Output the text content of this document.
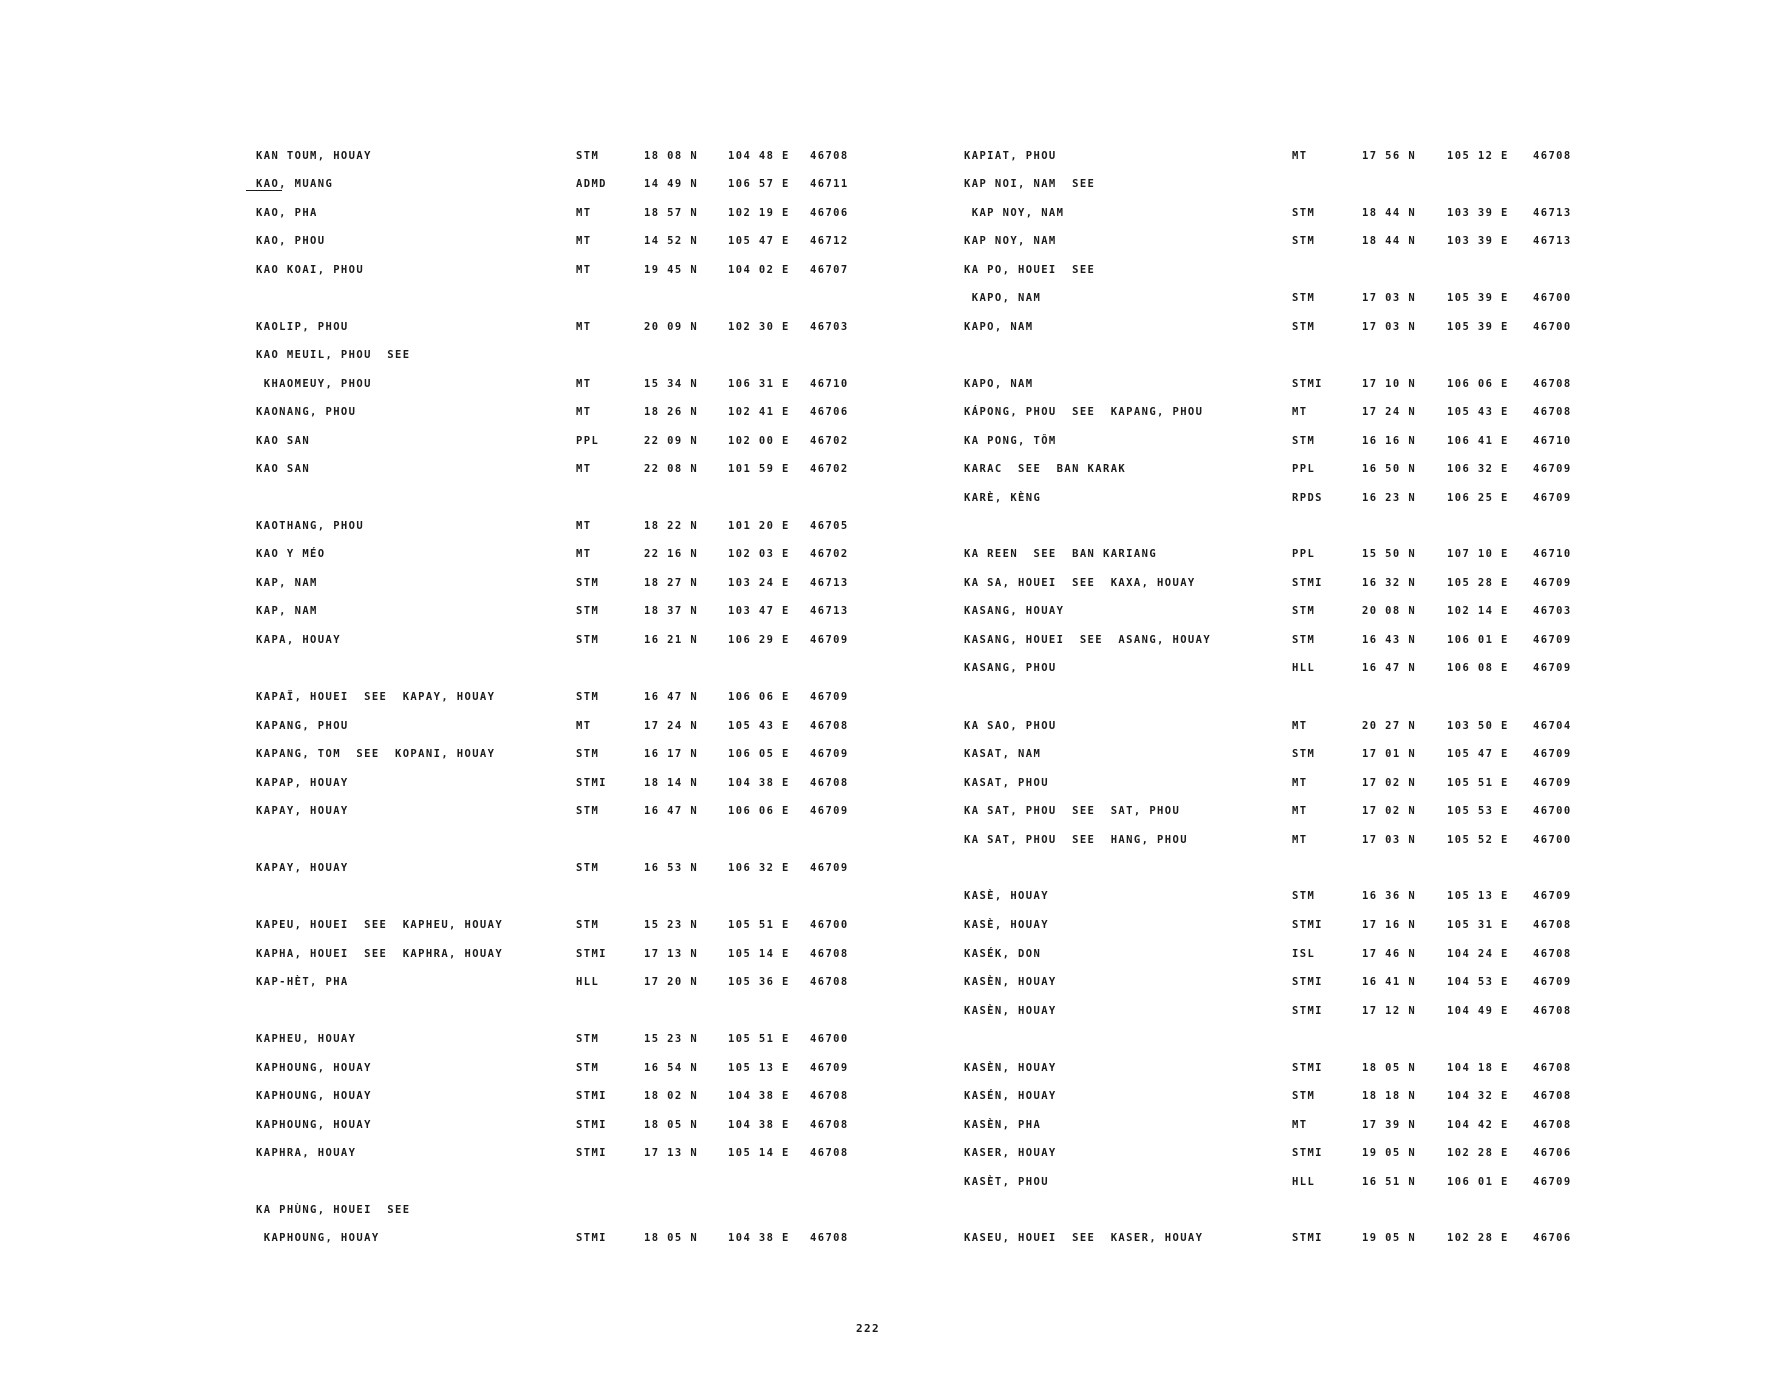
KAN TOUM, HOUAY	STM	18 08 N	104 48 E 46708
KAO, MUANG	ADMD	14 49 N	106 57 E 46711
KAO, PHA	MT	18 57 N	102 19 E 46706
KAO, PHOU	MT	14 52 N	105 47 E 46712
KAO KOAI, PHOU	MT	19 45 N	104 02 E 46707
KAOLIP, PHOU	MT	20 09 N	102 30 E 46703
KAO MEUIL, PHOU  SEE
KHAOMEUY, PHOU	MT	15 34 N	106 31 E 46710
KAONANG, PHOU	MT	18 26 N	102 41 E 46706
KAO SAN	PPL	22 09 N	102 00 E 46702
KAO SAN	MT	22 08 N	101 59 E 46702
KAOTHANG, PHOU	MT	18 22 N	101 20 E 46705
KAO Y MÉO	MT	22 16 N	102 03 E 46702
KAP, NAM	STM	18 27 N	103 24 E 46713
KAP, NAM	STM	18 37 N	103 47 E 46713
KAPA, HOUAY	STM	16 21 N	106 29 E 46709
KAPAÏ, HOUEI  SEE  KAPAY, HOUAY	STM	16 47 N	106 06 E 46709
KAPANG, PHOU	MT	17 24 N	105 43 E 46708
KAPANG, TOM  SEE  KOPANI, HOUAY	STM	16 17 N	106 05 E 46709
KAPAP, HOUAY	STMI	18 14 N	104 38 E 46708
KAPAY, HOUAY	STM	16 47 N	106 06 E 46709
KAPAY, HOUAY	STM	16 53 N	106 32 E 46709
KAPEU, HOUEI  SEE  KAPHEU, HOUAY	STM	15 23 N	105 51 E 46700
KAPHA, HOUEI  SEE  KAPHRA, HOUAY	STMI	17 13 N	105 14 E 46708
KAP-HÈT, PHA	HLL	17 20 N	105 36 E 46708
KAPHEU, HOUAY	STM	15 23 N	105 51 E 46700
KAPHOUNG, HOUAY	STM	16 54 N	105 13 E 46709
KAPHOUNG, HOUAY	STMI	18 02 N	104 38 E 46708
KAPHOUNG, HOUAY	STMI	18 05 N	104 38 E 46708
KAPHRA, HOUAY	STMI	17 13 N	105 14 E 46708
KA PHÙNG, HOUEI  SEE
KAPHOUNG, HOUAY	STMI	18 05 N	104 38 E 46708
KAPIAT, PHOU	MT	17 56 N	105 12 E 46708
KAP NOI, NAM  SEE
KAP NOY, NAM	STM	18 44 N	103 39 E 46713
KAP NOY, NAM	STM	18 44 N	103 39 E 46713
KA PO, HOUEI  SEE
KAPO, NAM	STM	17 03 N	105 39 E 46700
KAPO, NAM	STM	17 03 N	105 39 E 46700
KAPO, NAM	STMI	17 10 N	106 06 E 46708
KÁPONG, PHOU  SEE  KAPANG, PHOU	MT	17 24 N	105 43 E 46708
KA PONG, TÔM	STM	16 16 N	106 41 E 46710
KARAC  SEE  BAN KARAK	PPL	16 50 N	106 32 E 46709
KARÈ, KÈNG	RPDS	16 23 N	106 25 E 46709
KA REEN  SEE  BAN KARIANG	PPL	15 50 N	107 10 E 46710
KA SA, HOUEI  SEE  KAXA, HOUAY	STMI	16 32 N	105 28 E 46709
KASANG, HOUAY	STM	20 08 N	102 14 E 46703
KASANG, HOUEI  SEE  ASANG, HOUAY	STM	16 43 N	106 01 E 46709
KASANG, PHOU	HLL	16 47 N	106 08 E 46709
KA SAO, PHOU	MT	20 27 N	103 50 E 46704
KASAT, NAM	STM	17 01 N	105 47 E 46709
KASAT, PHOU	MT	17 02 N	105 51 E 46709
KA SAT, PHOU  SEE  SAT, PHOU	MT	17 02 N	105 53 E 46700
KA SAT, PHOU  SEE  HANG, PHOU	MT	17 03 N	105 52 E 46700
KASÈ, HOUAY	STM	16 36 N	105 13 E 46709
KASÈ, HOUAY	STMI	17 16 N	105 31 E 46708
KASÉK, DON	ISL	17 46 N	104 24 E 46708
KASÈN, HOUAY	STMI	16 41 N	104 53 E 46709
KASÈN, HOUAY	STMI	17 12 N	104 49 E 46708
KASÈN, HOUAY	STMI	18 05 N	104 18 E 46708
KASÉN, HOUAY	STM	18 18 N	104 32 E 46708
KASÈN, PHA	MT	17 39 N	104 42 E 46708
KASER, HOUAY	STMI	19 05 N	102 28 E 46706
KASÈT, PHOU	HLL	16 51 N	106 01 E 46709
KASEU, HOUEI  SEE  KASER, HOUAY	STMI	19 05 N	102 28 E 46706
222
